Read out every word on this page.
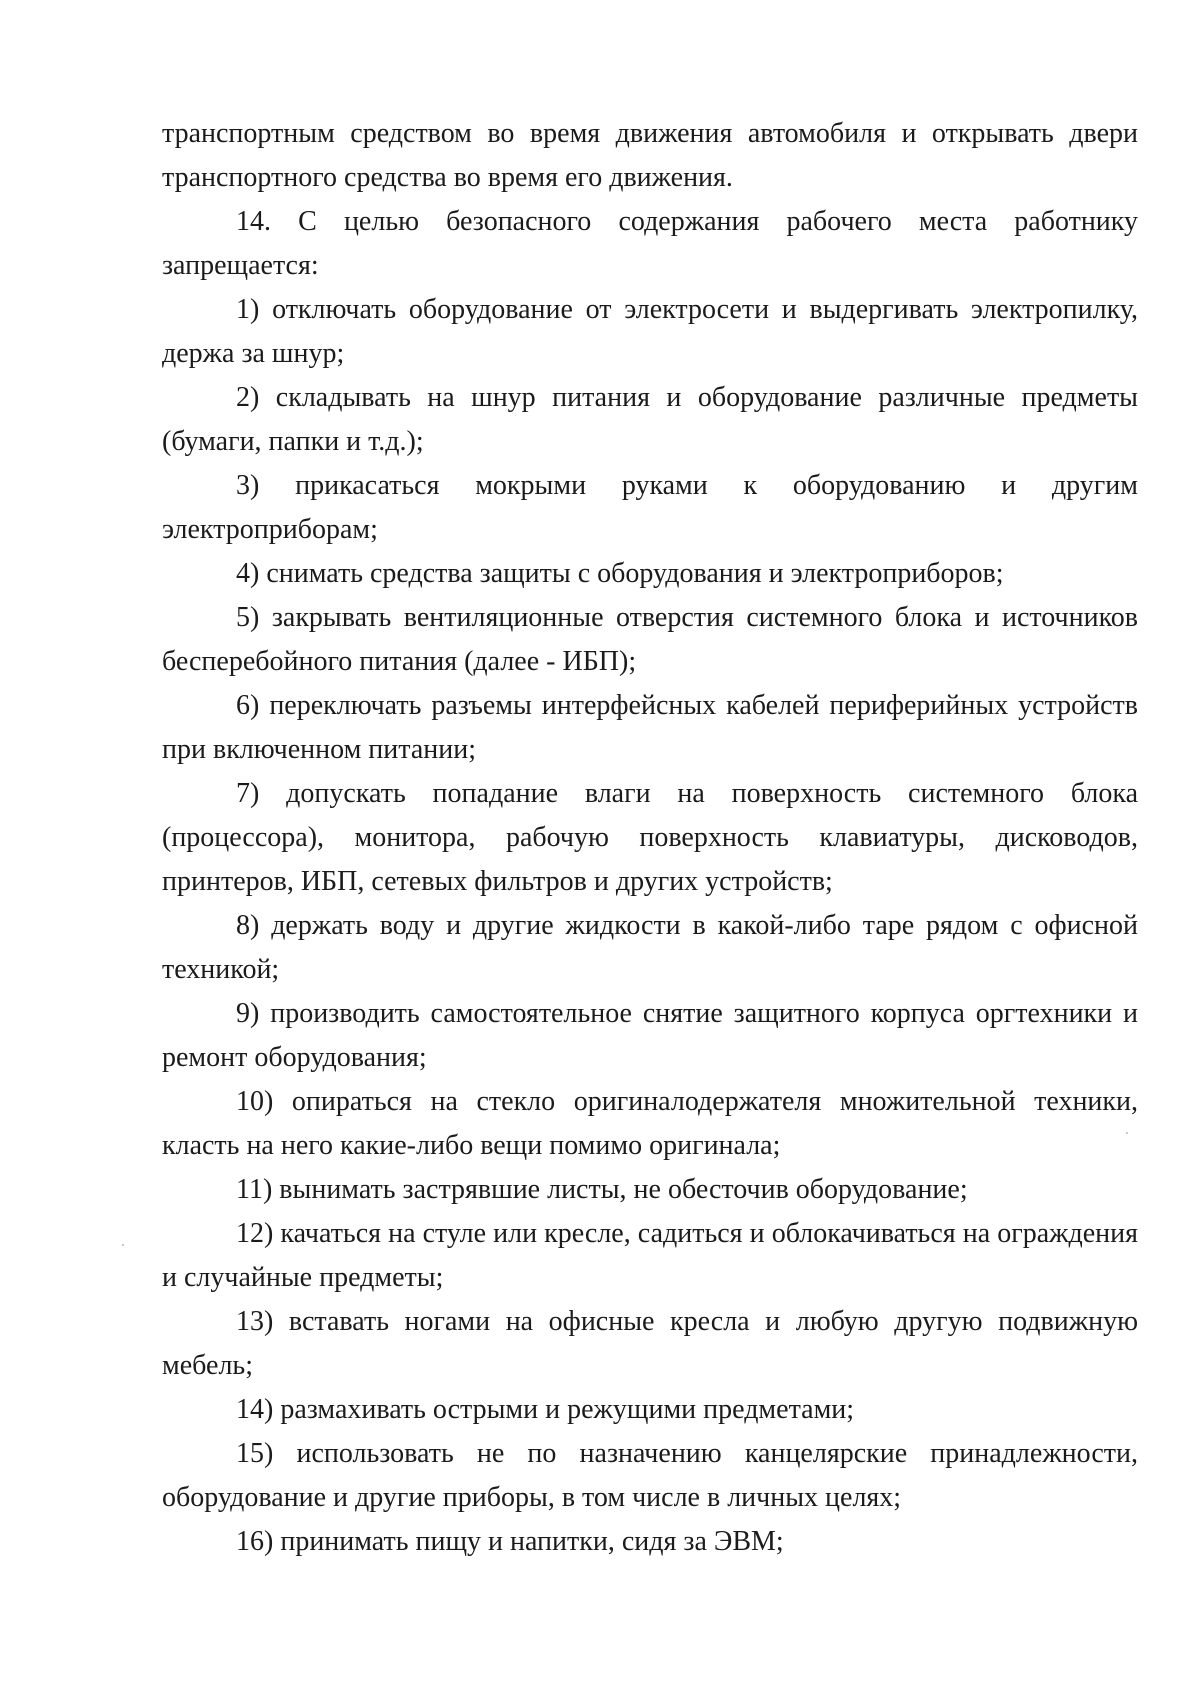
транспортным средством во время движения автомобиля и открывать двери транспортного средства во время его движения.

14. С целью безопасного содержания рабочего места работнику запрещается:

1) отключать оборудование от электросети и выдергивать электропилку, держа за шнур;

2) складывать на шнур питания и оборудование различные предметы (бумаги, папки и т.д.);

3) прикасаться мокрыми руками к оборудованию и другим электроприборам;

4) снимать средства защиты с оборудования и электроприборов;

5) закрывать вентиляционные отверстия системного блока и источников бесперебойного питания (далее - ИБП);

6) переключать разъемы интерфейсных кабелей периферийных устройств при включенном питании;

7) допускать попадание влаги на поверхность системного блока (процессора), монитора, рабочую поверхность клавиатуры, дисководов, принтеров, ИБП, сетевых фильтров и других устройств;

8) держать воду и другие жидкости в какой-либо таре рядом с офисной техникой;

9) производить самостоятельное снятие защитного корпуса оргтехники и ремонт оборудования;

10) опираться на стекло оригиналодержателя множительной техники, класть на него какие-либо вещи помимо оригинала;

11) вынимать застрявшие листы, не обесточив оборудование;

12) качаться на стуле или кресле, садиться и облокачиваться на ограждения и случайные предметы;

13) вставать ногами на офисные кресла и любую другую подвижную мебель;

14) размахивать острыми и режущими предметами;

15) использовать не по назначению канцелярские принадлежности, оборудование и другие приборы, в том числе в личных целях;

16) принимать пищу и напитки, сидя за ЭВМ;
